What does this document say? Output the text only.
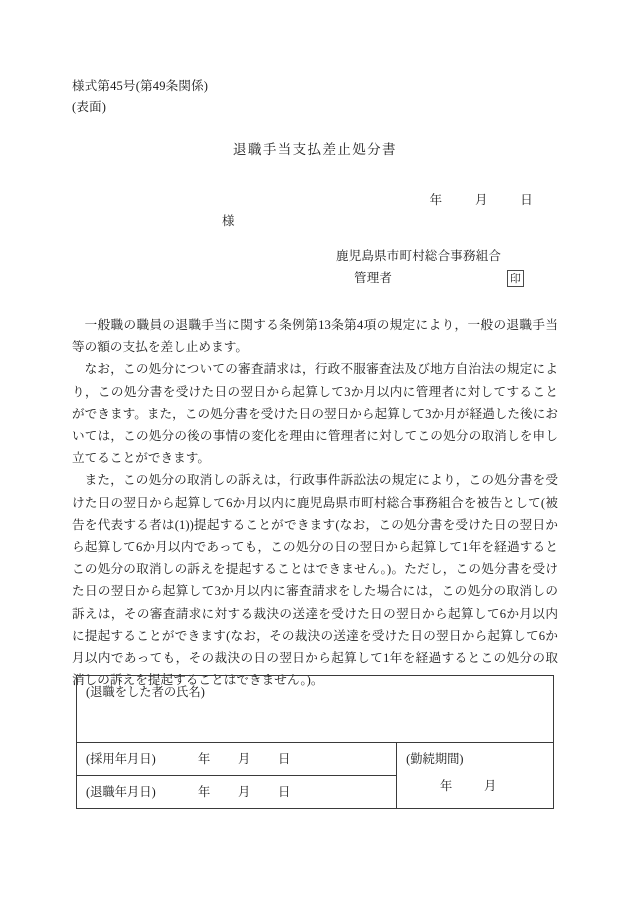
様式第45号(第49条関係)
(表面)
退職手当支払差止処分書
年	月	日
様
鹿児島県市町村総合事務組合
管理者	印

一般職の職員の退職手当に関する条例第13条第4項の規定により，一般の退職手当等の額の支払を差し止めます。

なお，この処分についての審査請求は，行政不服審査法及び地方自治法の規定により，この処分書を受けた日の翌日から起算して3か月以内に管理者に対してすることができます。また，この処分書を受けた日の翌日から起算して3か月が経過した後においては，この処分の後の事情の変化を理由に管理者に対してこの処分の取消しを申し立てることができます。

また，この処分の取消しの訴えは，行政事件訴訟法の規定により，この処分書を受けた日の翌日から起算して6か月以内に鹿児島県市町村総合事務組合を被告として(被告を代表する者は(1))提起することができます(なお，この処分書を受けた日の翌日から起算して6か月以内であっても，この処分の日の翌日から起算して1年を経過するとこの処分の取消しの訴えを提起することはできません。)。ただし，この処分書を受けた日の翌日から起算して3か月以内に審査請求をした場合には，この処分の取消しの訴えは，その審査請求に対する裁決の送達を受けた日の翌日から起算して6か月以内に提起することができます(なお，その裁決の送達を受けた日の翌日から起算して6か月以内であっても，その裁決の日の翌日から起算して1年を経過するとこの処分の取消しの訴えを提起することはできません。)。

(退職をした者の氏名)
(採用年月日)	年 月 日	(勤続期間)
年	月

(退職年月日)	年 月 日
